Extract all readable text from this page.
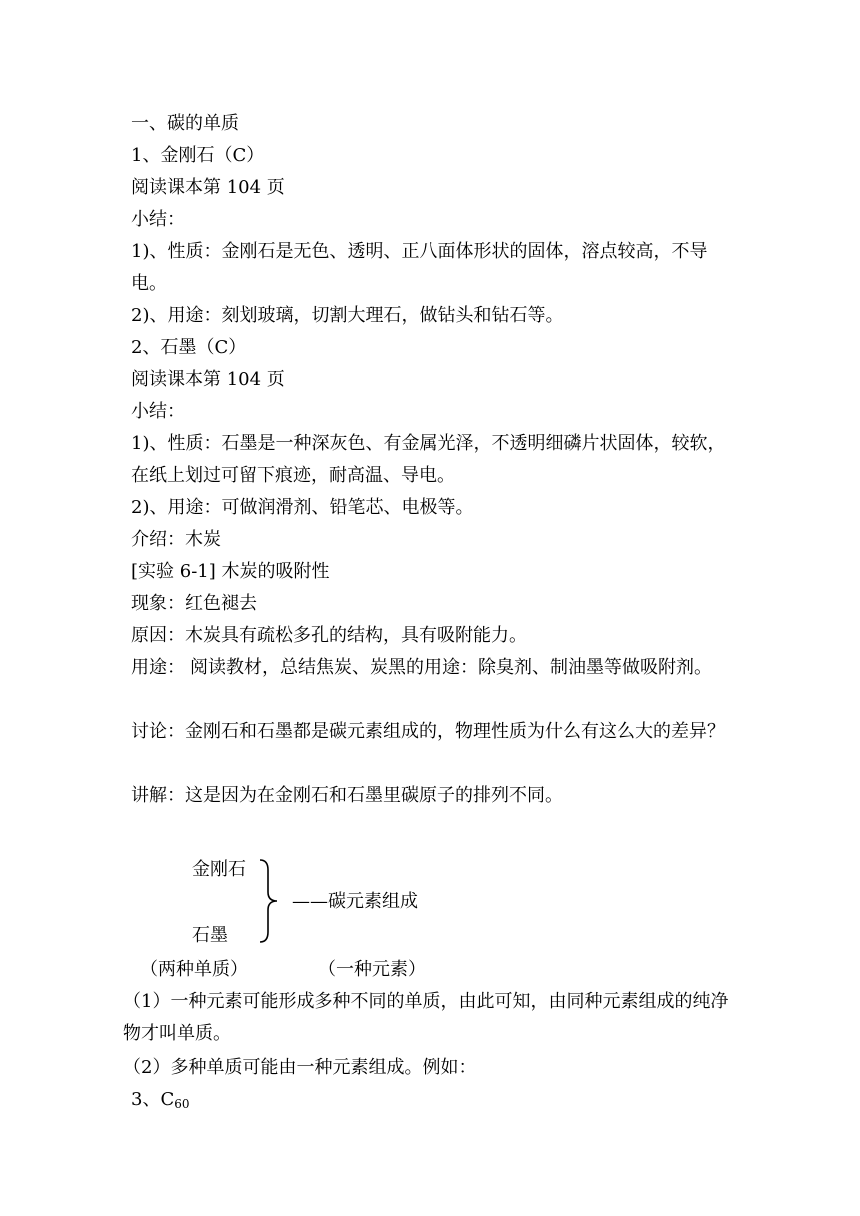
一、碳的单质
1、金刚石（C）
阅读课本第 104 页
小结：
1)、性质：金刚石是无色、透明、正八面体形状的固体，溶点较高，不导电。
2)、用途：刻划玻璃，切割大理石，做钻头和钻石等。
2、石墨（C）
阅读课本第 104 页
小结：
1)、性质：石墨是一种深灰色、有金属光泽，不透明细磷片状固体，较软，在纸上划过可留下痕迹，耐高温、导电。
2)、用途：可做润滑剂、铅笔芯、电极等。
介绍：木炭
[实验 6-1] 木炭的吸附性
现象：红色褪去
原因：木炭具有疏松多孔的结构，具有吸附能力。
用途： 阅读教材，总结焦炭、炭黑的用途：除臭剂、制油墨等做吸附剂。
讨论：金刚石和石墨都是碳元素组成的，物理性质为什么有这么大的差异？
讲解：这是因为在金刚石和石墨里碳原子的排列不同。
金刚石
石墨
——碳元素组成
（两种单质）	（一种元素）
（1）一种元素可能形成多种不同的单质，由此可知，由同种元素组成的纯净物才叫单质。
（2）多种单质可能由一种元素组成。例如：
3、$C_{60}$
